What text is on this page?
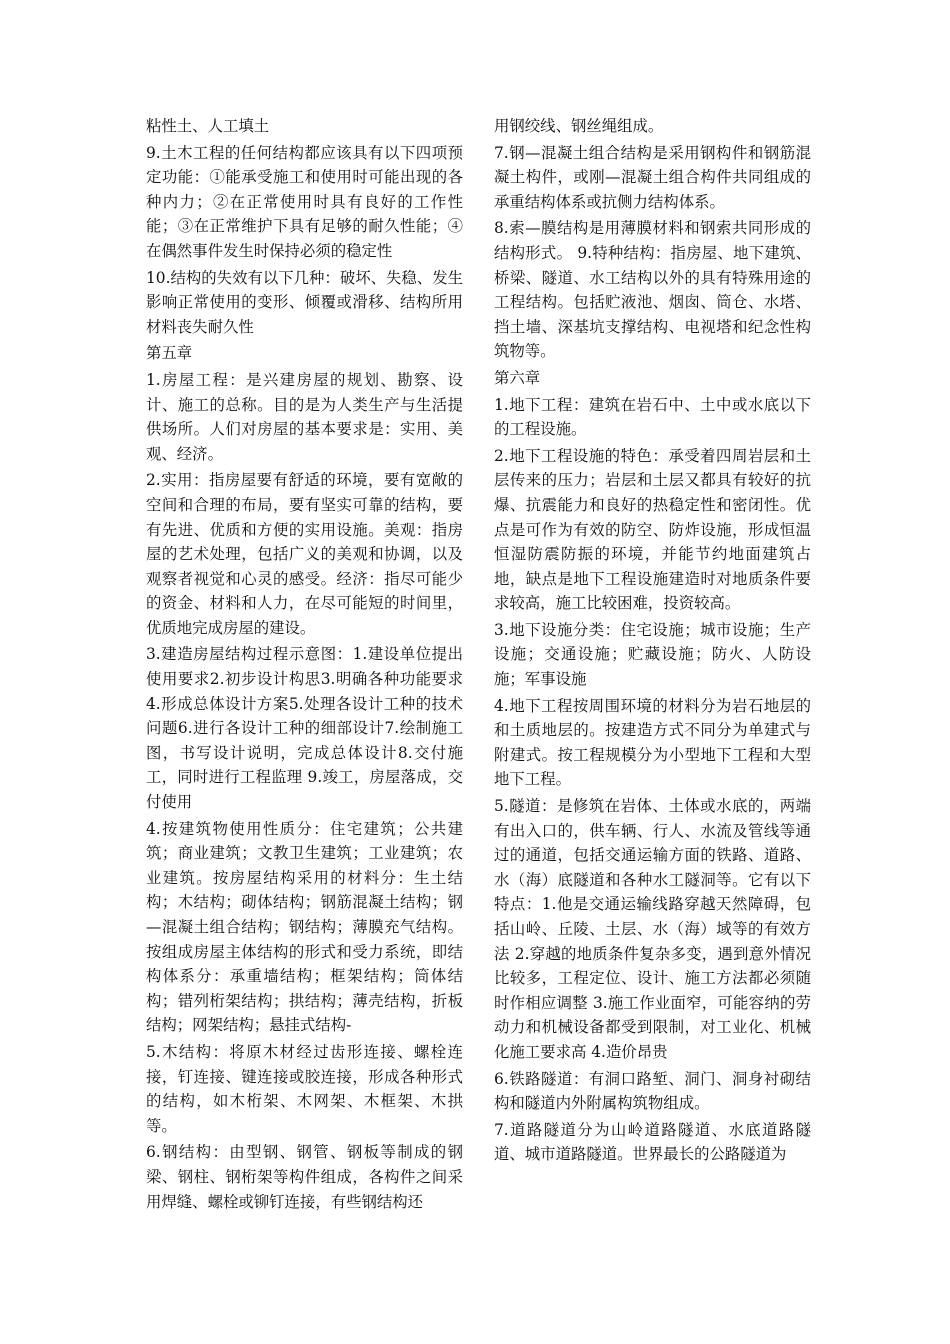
粘性土、人工填土

9.土木工程的任何结构都应该具有以下四项预定功能：①能承受施工和使用时可能出现的各种内力；②在正常使用时具有良好的工作性能；③在正常维护下具有足够的耐久性能；④在偶然事件发生时保持必须的稳定性

10.结构的失效有以下几种：破坏、失稳、发生影响正常使用的变形、倾覆或滑移、结构所用材料丧失耐久性

第五章

1.房屋工程：是兴建房屋的规划、勘察、设计、施工的总称。目的是为人类生产与生活提供场所。人们对房屋的基本要求是：实用、美观、经济。

2.实用：指房屋要有舒适的环境，要有宽敞的空间和合理的布局，要有坚实可靠的结构，要有先进、优质和方便的实用设施。美观：指房屋的艺术处理，包括广义的美观和协调，以及观察者视觉和心灵的感受。经济：指尽可能少的资金、材料和人力，在尽可能短的时间里，优质地完成房屋的建设。

3.建造房屋结构过程示意图：1.建设单位提出使用要求2.初步设计构思3.明确各种功能要求4.形成总体设计方案5.处理各设计工种的技术问题6.进行各设计工种的细部设计7.绘制施工图，书写设计说明，完成总体设计8.交付施工，同时进行工程监理 9.竣工，房屋落成，交付使用

4.按建筑物使用性质分：住宅建筑；公共建筑；商业建筑；文教卫生建筑；工业建筑；农业建筑。按房屋结构采用的材料分：生土结构；木结构；砌体结构；钢筋混凝土结构；钢—混凝土组合结构；钢结构；薄膜充气结构。按组成房屋主体结构的形式和受力系统，即结构体系分：承重墙结构；框架结构；筒体结构；错列桁架结构；拱结构；薄壳结构，折板结构；网架结构；悬挂式结构-

5.木结构：将原木材经过齿形连接、螺栓连接，钉连接、键连接或胶连接，形成各种形式的结构，如木桁架、木网架、木框架、木拱等。

6.钢结构：由型钢、钢管、钢板等制成的钢梁、钢柱、钢桁架等构件组成，各构件之间采用焊缝、螺栓或铆钉连接，有些钢结构还

用钢绞线、钢丝绳组成。

7.钢—混凝土组合结构是采用钢构件和钢筋混凝土构件，或刚—混凝土组合构件共同组成的承重结构体系或抗侧力结构体系。

8.索—膜结构是用薄膜材料和钢索共同形成的结构形式。 9.特种结构：指房屋、地下建筑、桥梁、隧道、水工结构以外的具有特殊用途的工程结构。包括贮液池、烟囱、筒仓、水塔、挡土墙、深基坑支撑结构、电视塔和纪念性构筑物等。

第六章

1.地下工程：建筑在岩石中、土中或水底以下的工程设施。

2.地下工程设施的特色：承受着四周岩层和土层传来的压力；岩层和土层又都具有较好的抗爆、抗震能力和良好的热稳定性和密闭性。优点是可作为有效的防空、防炸设施，形成恒温恒湿防震防振的环境，并能节约地面建筑占地，缺点是地下工程设施建造时对地质条件要求较高，施工比较困难，投资较高。

3.地下设施分类：住宅设施；城市设施；生产设施；交通设施；贮藏设施；防火、人防设施；军事设施

4.地下工程按周围环境的材料分为岩石地层的和土质地层的。按建造方式不同分为单建式与附建式。按工程规模分为小型地下工程和大型地下工程。

5.隧道：是修筑在岩体、土体或水底的，两端有出入口的，供车辆、行人、水流及管线等通过的通道，包括交通运输方面的铁路、道路、水（海）底隧道和各种水工隧洞等。它有以下特点：1.他是交通运输线路穿越天然障碍，包括山岭、丘陵、土层、水（海）域等的有效方法 2.穿越的地质条件复杂多变，遇到意外情况比较多，工程定位、设计、施工方法都必须随时作相应调整 3.施工作业面窄，可能容纳的劳动力和机械设备都受到限制，对工业化、机械化施工要求高 4.造价昂贵

6.铁路隧道：有洞口路堑、洞门、洞身衬砌结构和隧道内外附属构筑物组成。

7.道路隧道分为山岭道路隧道、水底道路隧道、城市道路隧道。世界最长的公路隧道为
